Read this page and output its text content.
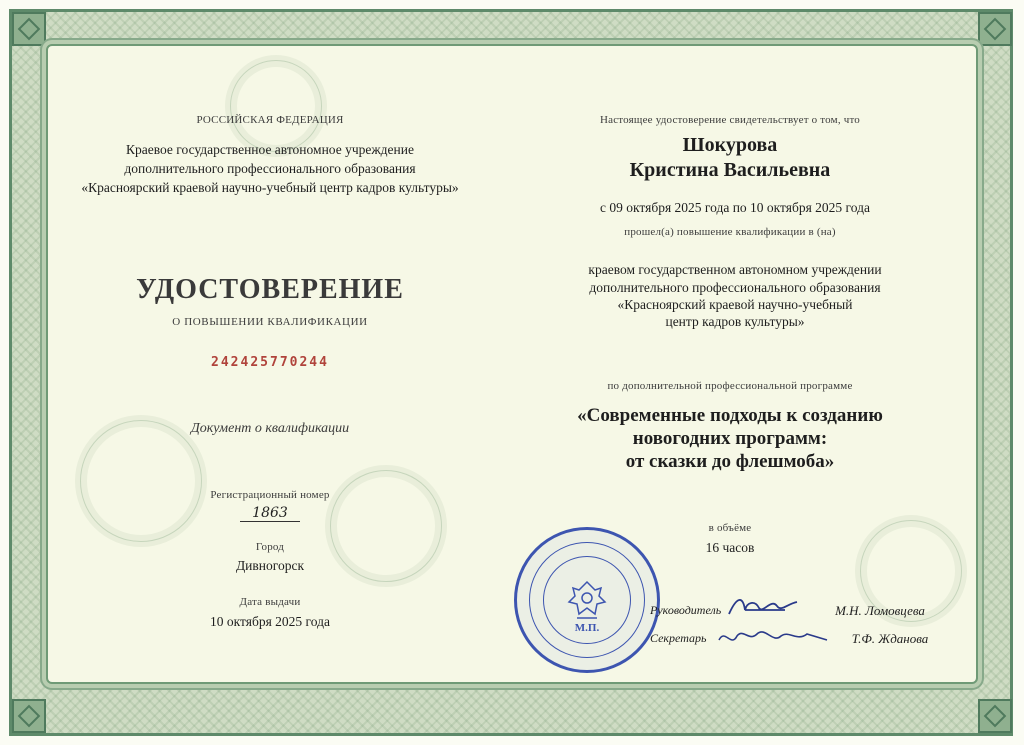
РОССИЙСКАЯ ФЕДЕРАЦИЯ
Краевое государственное автономное учреждение
дополнительного профессионального образования
«Красноярский краевой научно-учебный центр кадров культуры»
УДОСТОВЕРЕНИЕ
О ПОВЫШЕНИИ КВАЛИФИКАЦИИ
242425770244
Документ о квалификации
Регистрационный номер
1863
Город
Дивногорск
Дата выдачи
10 октября 2025 года
Настоящее удостоверение свидетельствует о том, что
Шокурова
Кристина Васильевна
с 09 октября 2025 года по 10 октября 2025 года
прошел(а) повышение квалификации в (на)
краевом государственном автономном учреждении
дополнительного профессионального образования
«Красноярский краевой научно-учебный
центр кадров культуры»
по дополнительной профессиональной программе
«Современные подходы к созданию
новогодних программ:
от сказки до флешмоба»
в объёме
16 часов
М.П.
Руководитель	М.Н. Ломовцева
Секретарь	Т.Ф. Жданова
